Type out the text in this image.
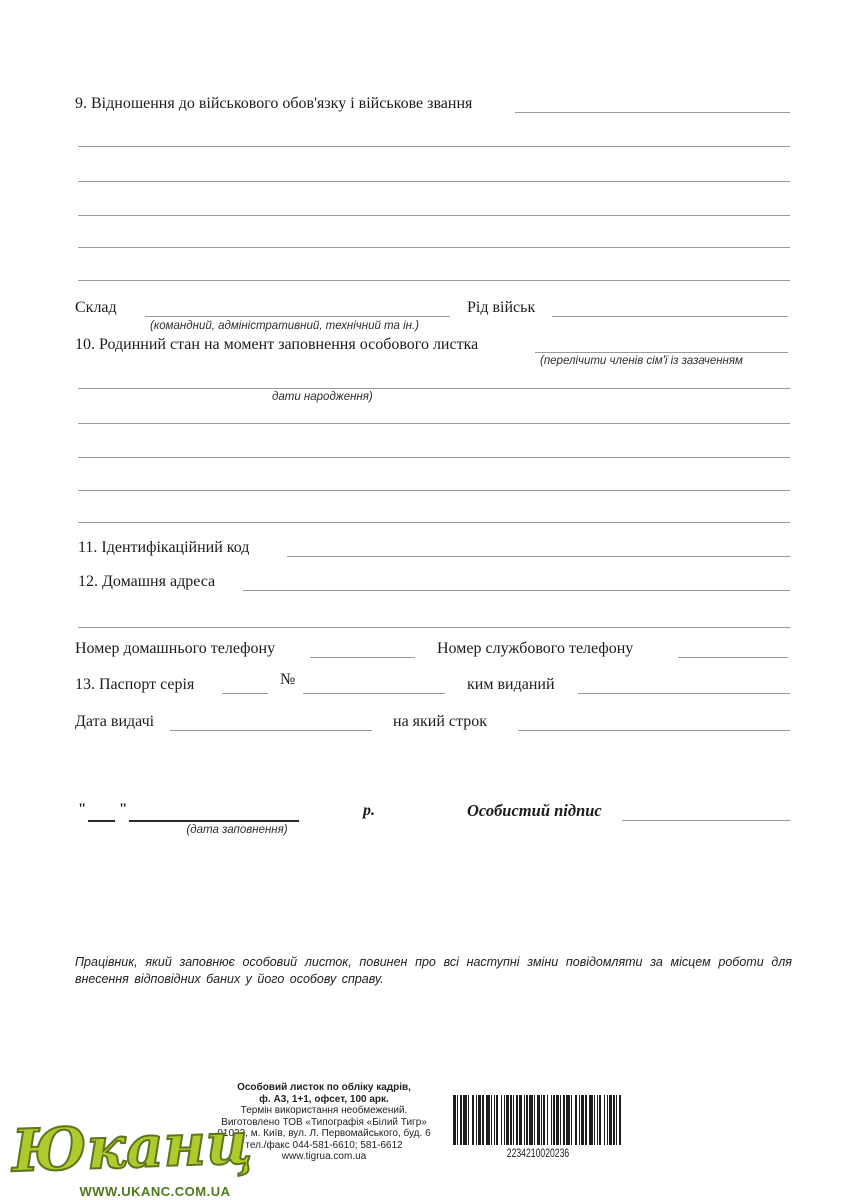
9. Відношення до військового обов'язку і військове звання
Склад
(командний, адміністративний, технічний та ін.)
Рід військ
10. Родинний стан на момент заповнення особового листка
(перелічити членів сім'ї із зазаченням
дати народження)
11. Ідентифікаційний код
12. Домашня адреса
Номер домашнього телефону	Номер службового телефону
13. Паспорт серія	№	ким виданий
Дата видачі	на який строк
" "
(дата заповнення)
р.	Особистий підпис
Працівник, який заповнює особовий листок, повинен про всі наступні зміни повідомляти за місцем роботи для внесення відповідних баних у його особову справу.
Особовий листок по обліку кадрів,
ф. А3, 1+1, офсет, 100 арк.
Термін використання необмежений.
Виготовлено ТОВ «Типографія «Білий Тигр»
01023, м. Київ, вул. Л. Первомайського, буд. 6
тел./факс 044-581-6610; 581-6612
www.tigrua.com.ua	2234210020236
Юканц
WWW.UKANC.COM.UA
